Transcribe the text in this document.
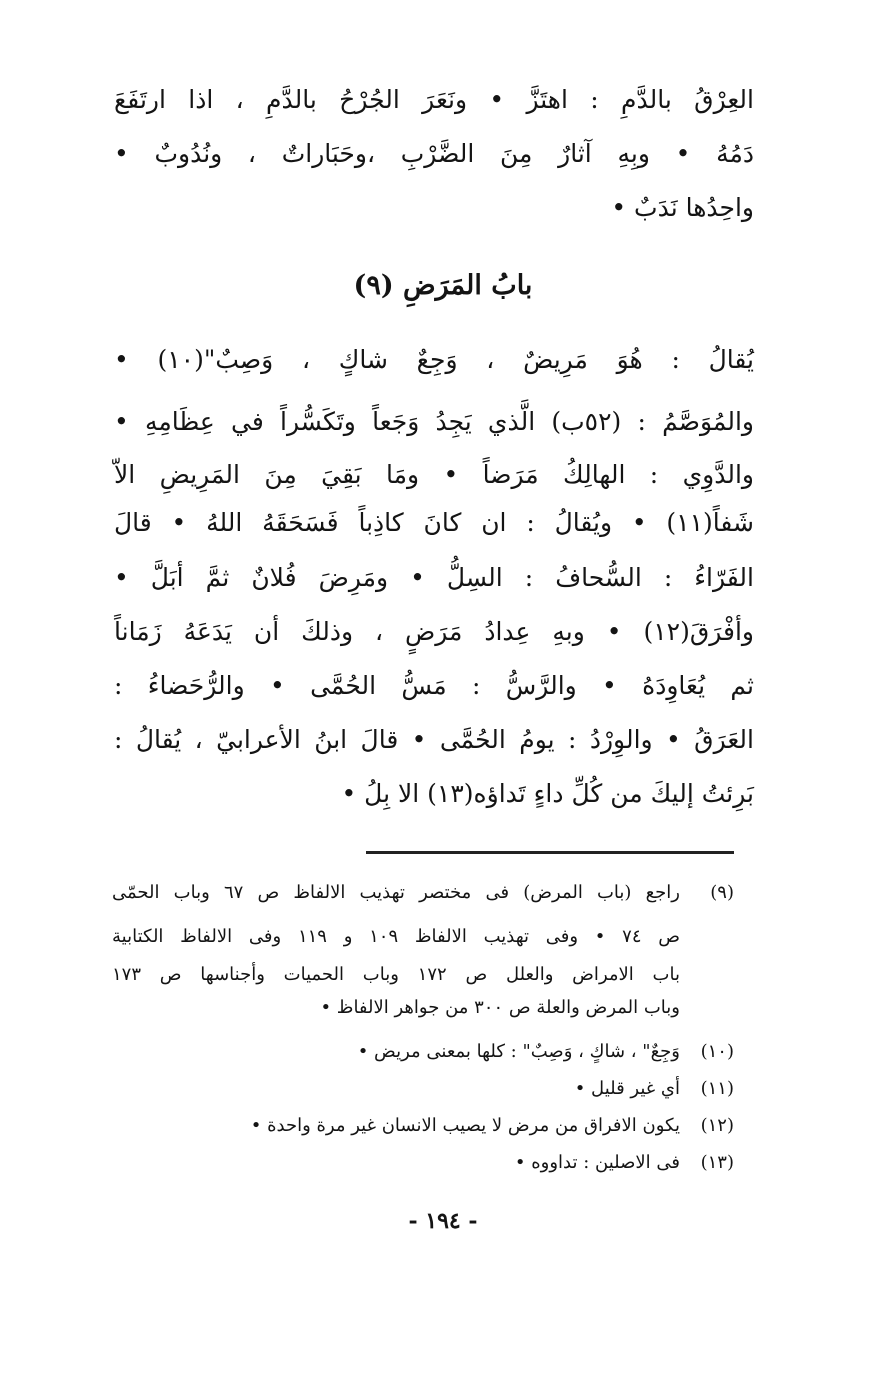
العِرْقُ بالدَّمِ : اهتَزَّ • ونَعَرَ الجُرْحُ بالدَّمِ ، اذا ارتَفَعَ
دَمُهُ • وبِهِ آثارٌ مِنَ الضَّرْبِ ،وحَبَاراتٌ ، ونُدُوبٌ •
واحِدُها نَدَبٌ •
بابُ المَرَضِ (٩)
يُقالُ : هُوَ مَرِيضٌ ، وَجِعٌ شاكٍ ، وَصِبٌ"(١٠) •
والمُوَصَّمُ : (٥٢ب) الَّذي يَجِدُ وَجَعاً وتَكَسُّراً في عِظَامِهِ •
والدَّوِي : الهالِكُ مَرَضاً • ومَا بَقِيَ مِنَ المَرِيضِ الاّ
شَفاً(١١) • ويُقالُ : ان كانَ كاذِباً فَسَحَقَهُ اللهُ • قالَ
الفَرّاءُ : السُّحافُ : السِلُّ • ومَرِضَ فُلانٌ ثمَّ أبَلَّ •
وأفْرَقَ(١٢) • وبهِ عِدادُ مَرَضٍ ، وذلكَ أن يَدَعَهُ زَمَاناً
ثم يُعَاوِدَهُ • والرَّسُّ : مَسُّ الحُمَّى • والرُّحَضاءُ :
العَرَقُ • والوِرْدُ : يومُ الحُمَّى • قالَ ابنُ الأعرابيّ ، يُقالُ :
بَرِئتُ إليكَ من كُلِّ داءٍ تَداؤه(١٣) الا بِلُ •
(٩)
راجع (باب المرض) فى مختصر تهذيب الالفاظ ص ٦٧ وباب الحمّى
ص ٧٤ • وفى تهذيب الالفاظ ١٠٩ و ١١٩ وفى الالفاظ الكتابية
باب الامراض والعلل ص ١٧٢ وباب الحميات وأجناسها ص ١٧٣
وباب المرض والعلة ص ٣٠٠ من جواهر الالفاظ •
(١٠)
وَجِعٌ" ، شاكٍ ، وَصِبٌ" : كلها بمعنى مريض •
(١١)
أي غير قليل •
(١٢)
يكون الافراق من مرض لا يصيب الانسان غير مرة واحدة •
(١٣)
فى الاصلين : تداووه •
- ١٩٤ -
